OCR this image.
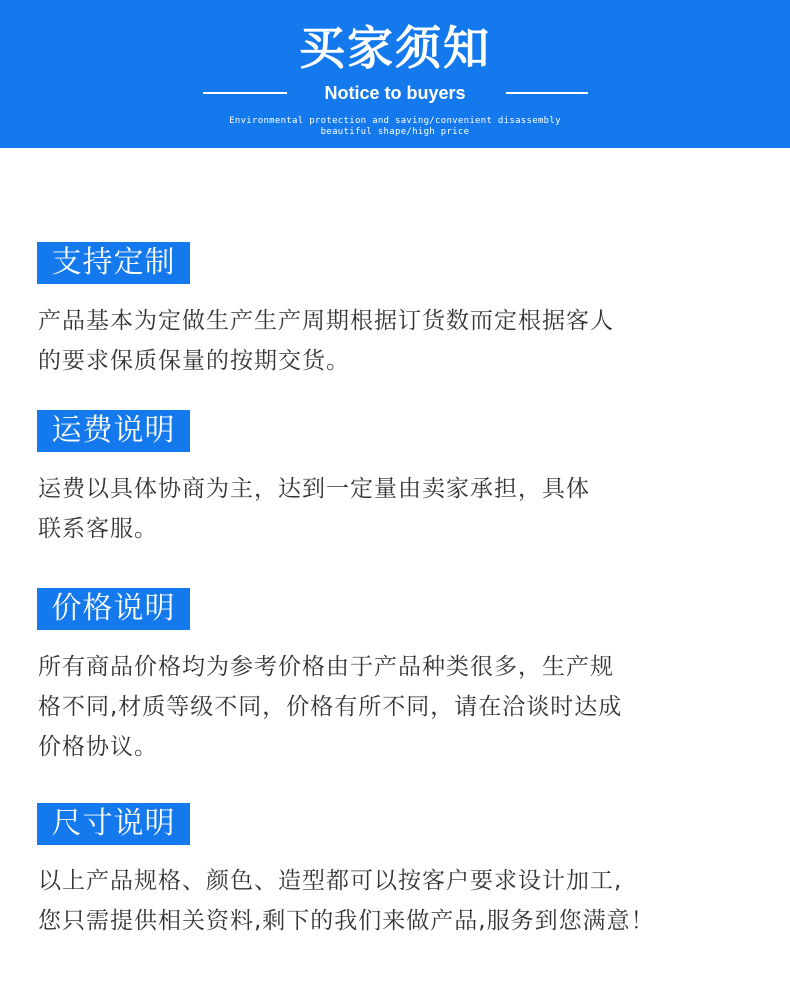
买家须知
Notice to buyers
Environmental protection and saving/convenient disassembly
beautiful shape/high price
支持定制
产品基本为定做生产生产周期根据订货数而定根据客人
的要求保质保量的按期交货。
运费说明
运费以具体协商为主，达到一定量由卖家承担，具体
联系客服。
价格说明
所有商品价格均为参考价格由于产品种类很多，生产规
格不同,材质等级不同，价格有所不同，请在洽谈时达成
价格协议。
尺寸说明
以上产品规格、颜色、造型都可以按客户要求设计加工,
您只需提供相关资料,剩下的我们来做产品,服务到您满意！
